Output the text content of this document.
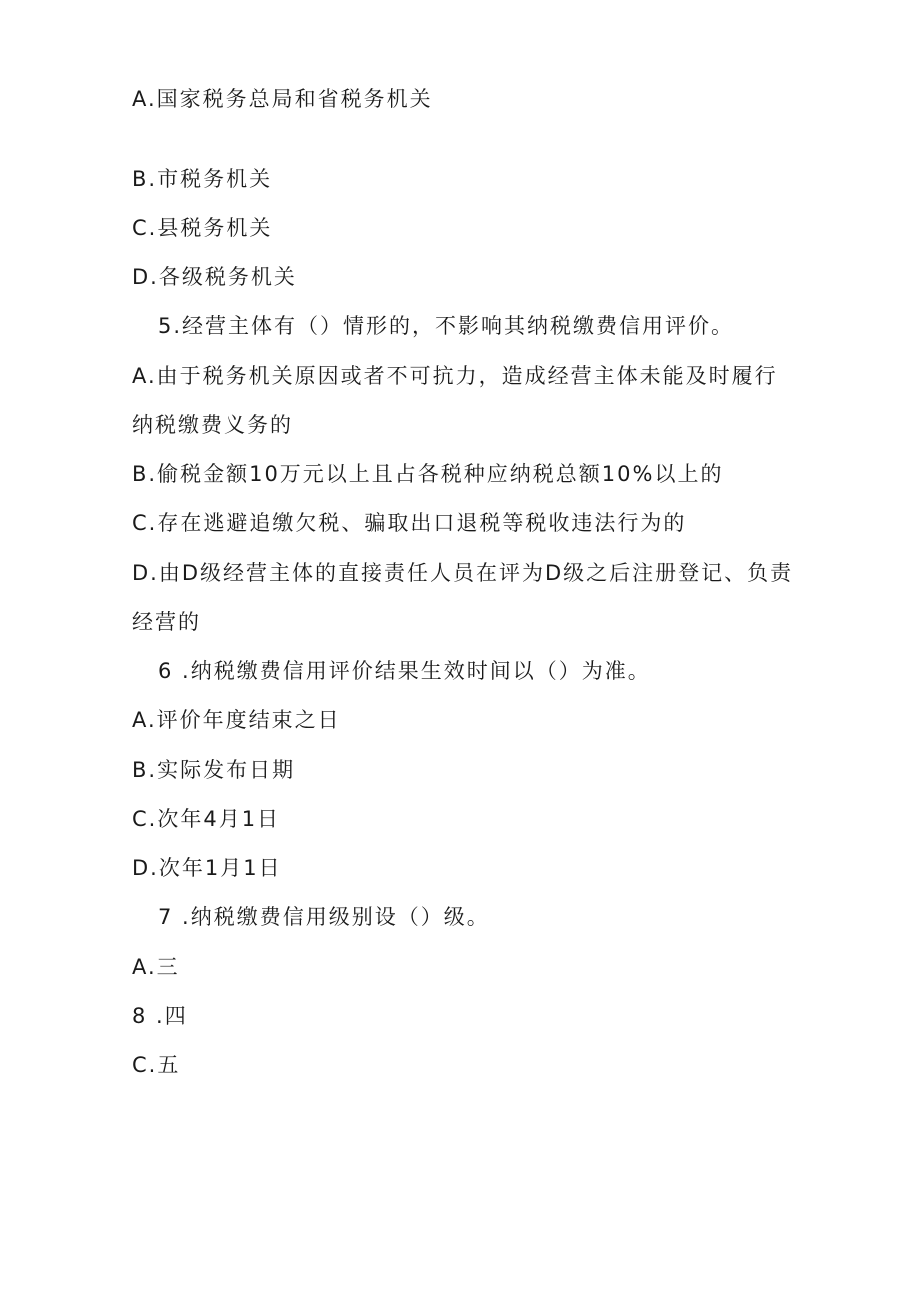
A.国家税务总局和省税务机关
B.市税务机关
C.县税务机关
D.各级税务机关
5.经营主体有（）情形的，不影响其纳税缴费信用评价。
A.由于税务机关原因或者不可抗力，造成经营主体未能及时履行
纳税缴费义务的
B.偷税金额10万元以上且占各税种应纳税总额10%以上的
C.存在逃避追缴欠税、骗取出口退税等税收违法行为的
D.由D级经营主体的直接责任人员在评为D级之后注册登记、负责
经营的
6 .纳税缴费信用评价结果生效时间以（）为准。
A.评价年度结束之日
B.实际发布日期
C.次年4月1日
D.次年1月1日
7 .纳税缴费信用级别设（）级。
A.三
8 .四
C.五
